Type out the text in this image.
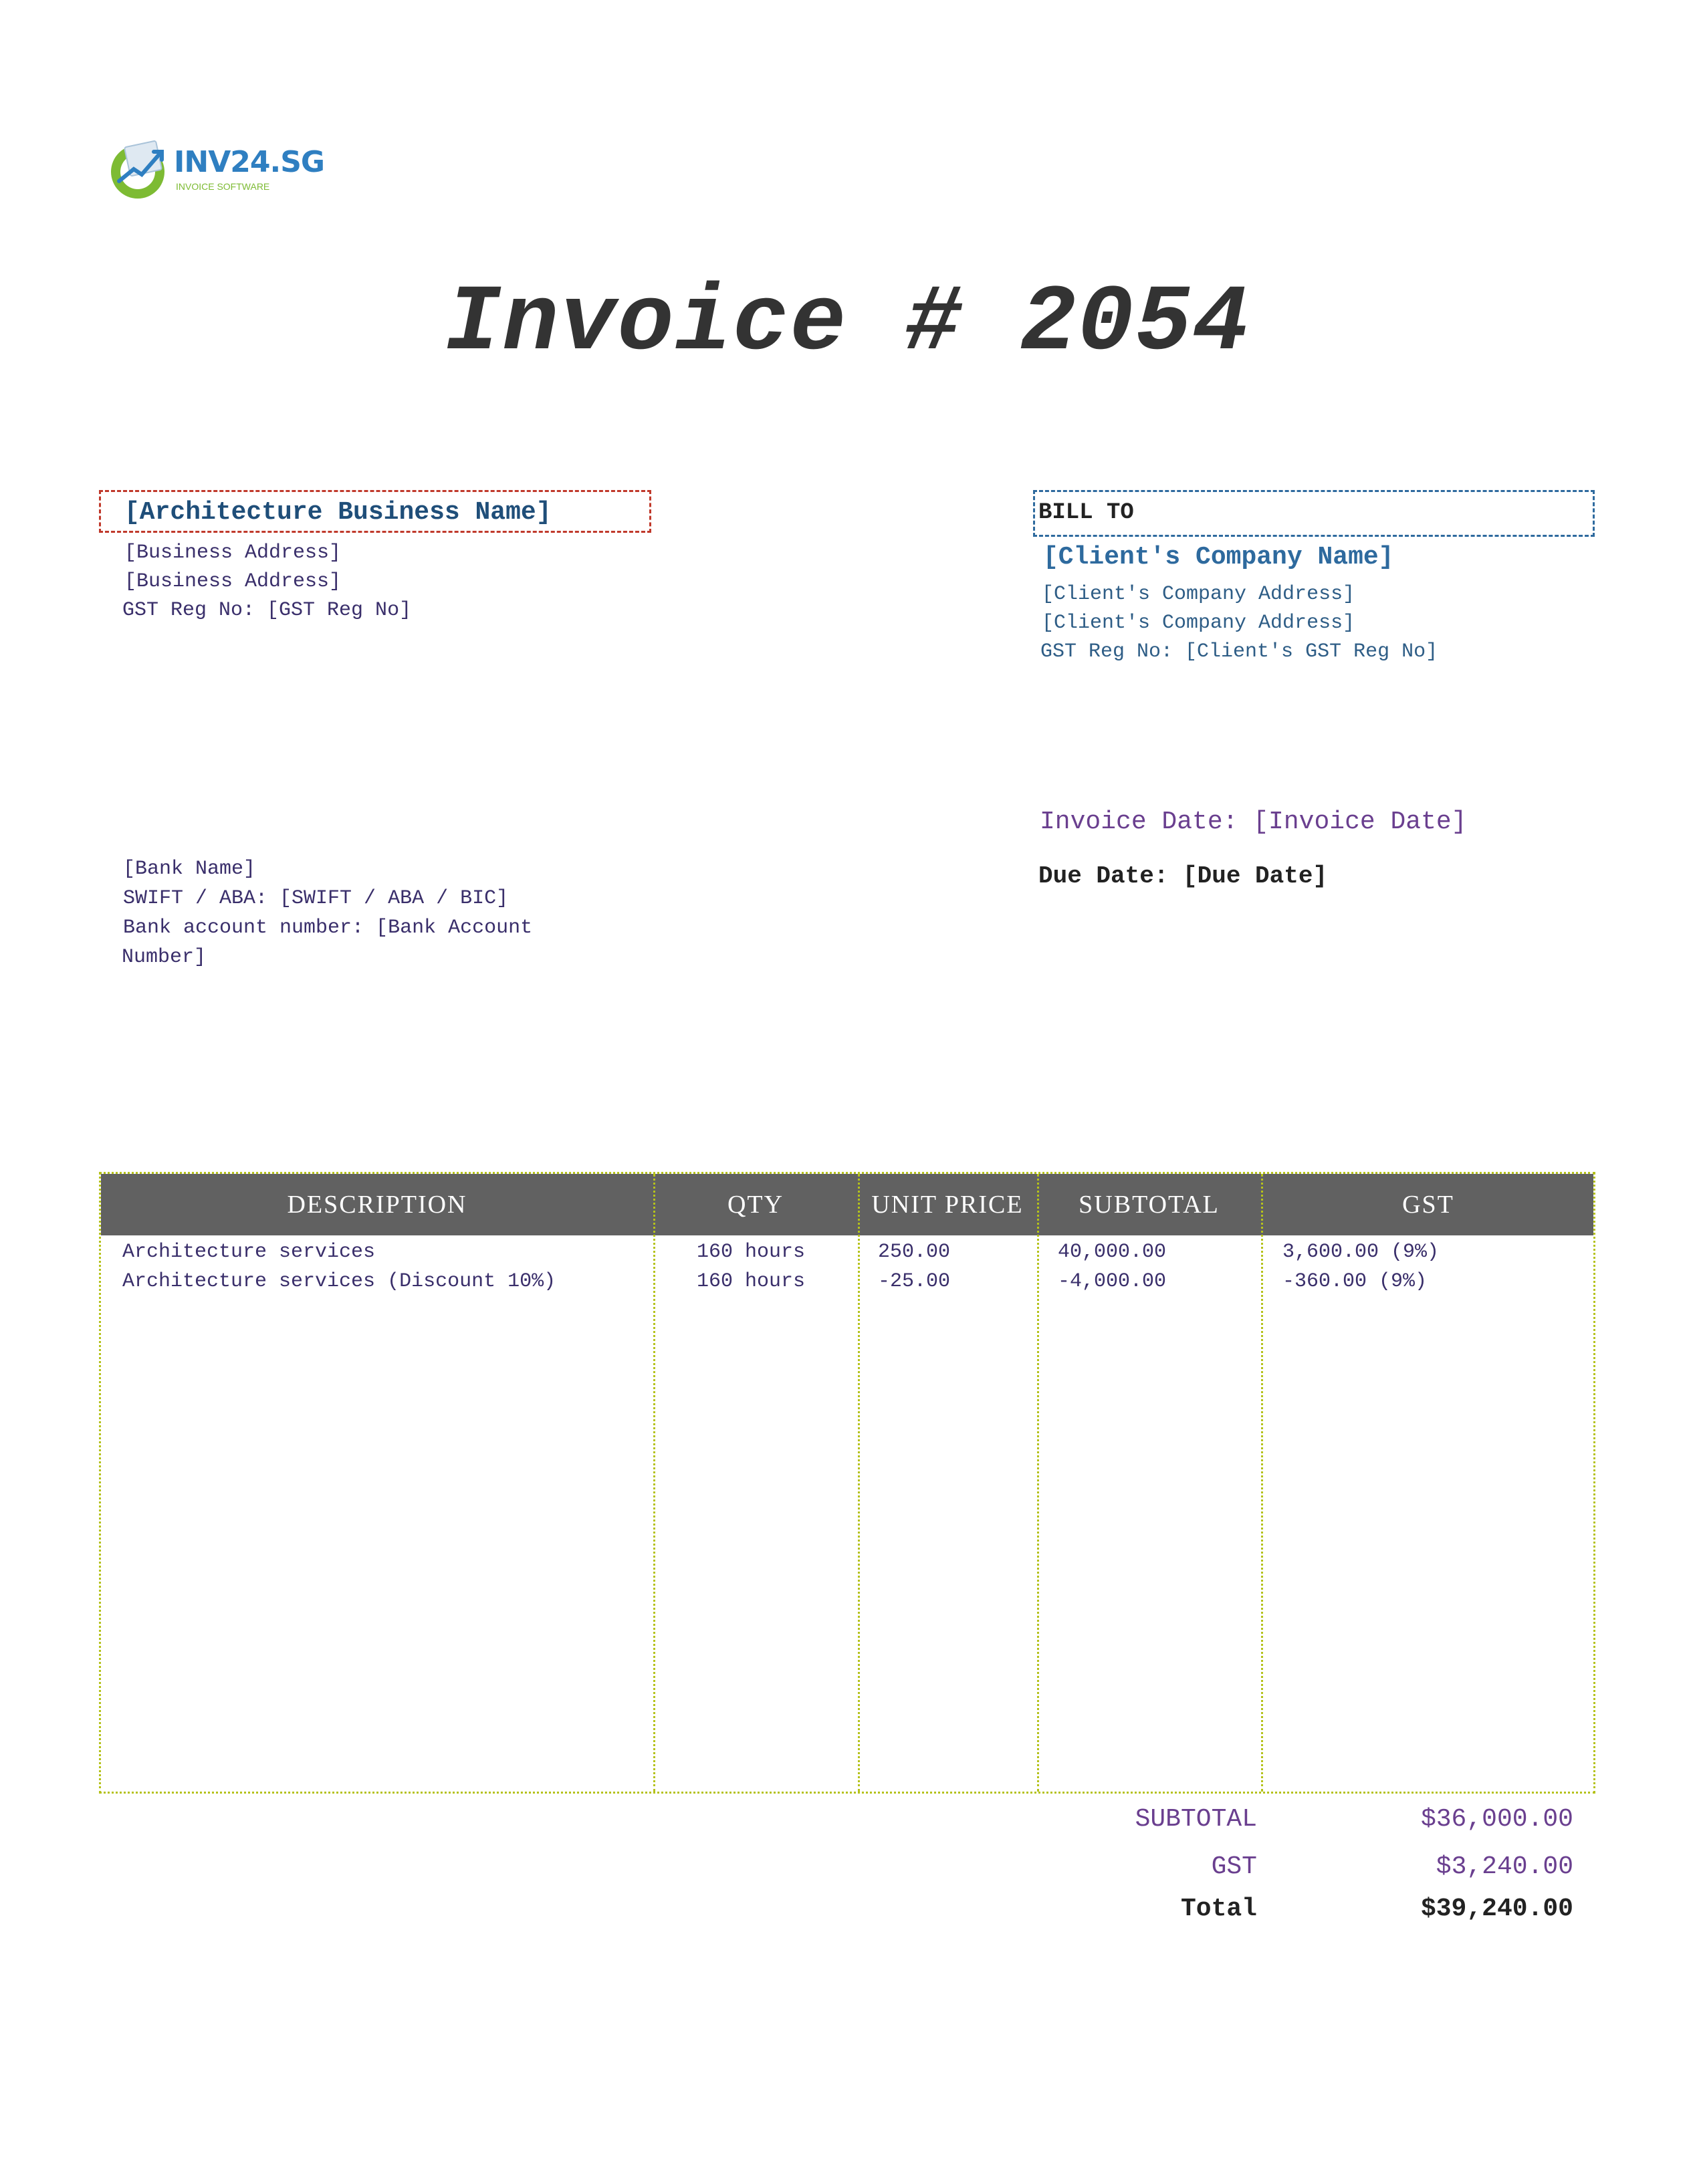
INV24.SG
INVOICE SOFTWARE
Invoice # 2054
[Architecture Business Name]
[Business Address]
[Business Address]
GST Reg No: [GST Reg No]
BILL TO
[Client's Company Name]
[Client's Company Address]
[Client's Company Address]
GST Reg No: [Client's GST Reg No]
Invoice Date: [Invoice Date]
Due Date: [Due Date]
[Bank Name]
SWIFT / ABA: [SWIFT / ABA / BIC]
Bank account number: [Bank Account
Number]
DESCRIPTION	QTY	UNIT PRICE	SUBTOTAL	GST
Architecture services	160 hours	250.00	40,000.00	3,600.00 (9%)
Architecture services (Discount 10%)	160 hours	-25.00	-4,000.00	-360.00 (9%)
SUBTOTAL	$36,000.00
GST	$3,240.00
Total	$39,240.00
